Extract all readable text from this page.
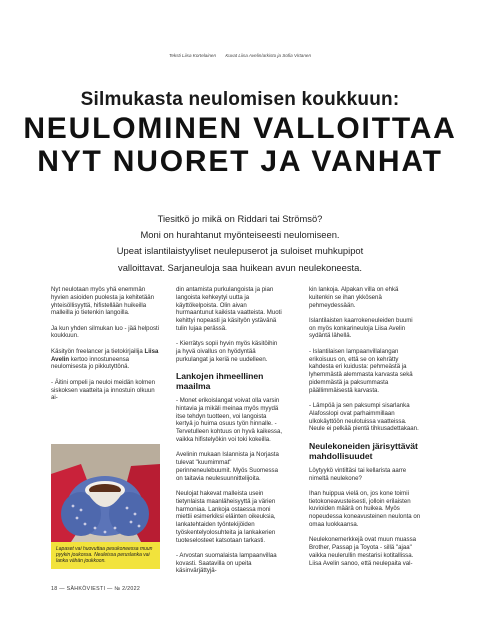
Teksti Liisa Kortelainen Kuvat Liisa Avelin/arkisto ja Sofia Virtanen
Silmukasta neulomisen koukkuun:
NEULOMINEN VALLOITTAA
NYT NUORET JA VANHAT
Tiesitkö jo mikä on Riddari tai Strömsö?
Moni on hurahtanut myönteiseesti neulomiseen.
Upeat islantilaistyyliset neulepuserot ja suloiset muhkupipot
valloittavat. Sarjaneuloja saa huikean avun neulekoneesta.

Nyt neulotaan myös yhä enemmän hyvien asioiden puolesta ja kehitetään yhteisöllisyyttä, hifistellään huikeilla malleilla jo tietenkin langoilla.

Ja kun yhden silmukan luo - jää helposti koukkuun.

Käsityön freelancer ja tietokirjailija Liisa Avelin kertoo innostuneensa neulomisesta jo pikkutyttönä.

- Äitini ompeli ja neuloi meidän kolmen siskoksen vaatteita ja innostuin olkuun ai-

Lapaset vai huovuttaa pesukoneessa muun pyykin joukossa. Neuleissa peruslanka vai lanka vähän joukkoon.

din antamista purkulangoista ja pian langoista kehkeytyi uutta ja käyttökelpoista. Olin aivan hurmaantunut kaikista vaatteista. Muoti kehittyi nopeasti ja käsityön ystävänä tulin lujaa perässä.

- Kierrätys sopii hyvin myös käsitöihin ja hyvä oivallus on hyödyntää purkulangat ja keriä ne uudelleen.

Lankojen ihmeellinen maailma

- Monet erikoislangat voivat olla varsin hintavia ja mikäli meinaa myös myydä itse tehdyn tuotteen, voi langoista kertyä jo huima osuus työn hinnalle. - Tervetulleen kohtuus on hyvä kaikessa, vaikka hifistelyökin voi toki kokeilla.

Avelinin mukaan Islannista ja Norjasta tulevat "kuumimmat" perinneneulebuumit. Myös Suomessa on taitavia neulesuunnittelijoita.

Neulojat hakevat malleista usein tietynlaista maanläheisyyttä ja värien harmoniaa. Lankoja ostaessa moni miettii esimerkiksi eläinten oikeuksia, lankatehtaiden työntekijöiden työskentelyolosuhteita ja lankakerien tuoteselosteet katsotaan tarkasti.

- Arvostan suomalaista lampaanvillaa kovasti. Saatavilla on upeita käsinvärjättyjä-

kin lankoja. Alpakan villa on ehkä kuitenkin se ihan ykkösenä pehmeydessään.

Islantilaisten kaarrokeneuleiden buumi on myös konkarineuloja Liisa Avelin sydäntä lähellä.

- Islantilaisen lampaanvillalangan erikoisuus on, että se on kehrätty kahdesta eri kuidusta: pehmeästä ja lyhemmästä alemmasta karvasta sekä pidemmästä ja paksummasta päällimmäisestä karvasta.

- Lämpöä ja sen paksumpi sisarlanka Alafosslopi ovat parhaimmillaan ulkokäyttöön neulotuissa vaatteissa. Neule ei pelkää pientä tihkusadettakaan.

Neulekoneiden järisyttävät mahdollisuudet

Löytyykö vintiltäsi tai kellarista aarre nimeltä neulekone?

Ihan huippua vielä on, jos kone toimii tietokoneavusteisesti, jolloin erilaisten kuvioiden määrä on huikea. Myös nopeudessa koneavusteinen neulonta on omaa luokkaansa.

Neulekonemerkkejä ovat muun muassa Brother, Passap ja Toyota - sillä "ajaa" vaikka neulerullin mestarisi kotitallissa. Liisa Avelin sanoo, että neulepaita val-

18 — SÄHKÖVIESTI — № 2/2022
